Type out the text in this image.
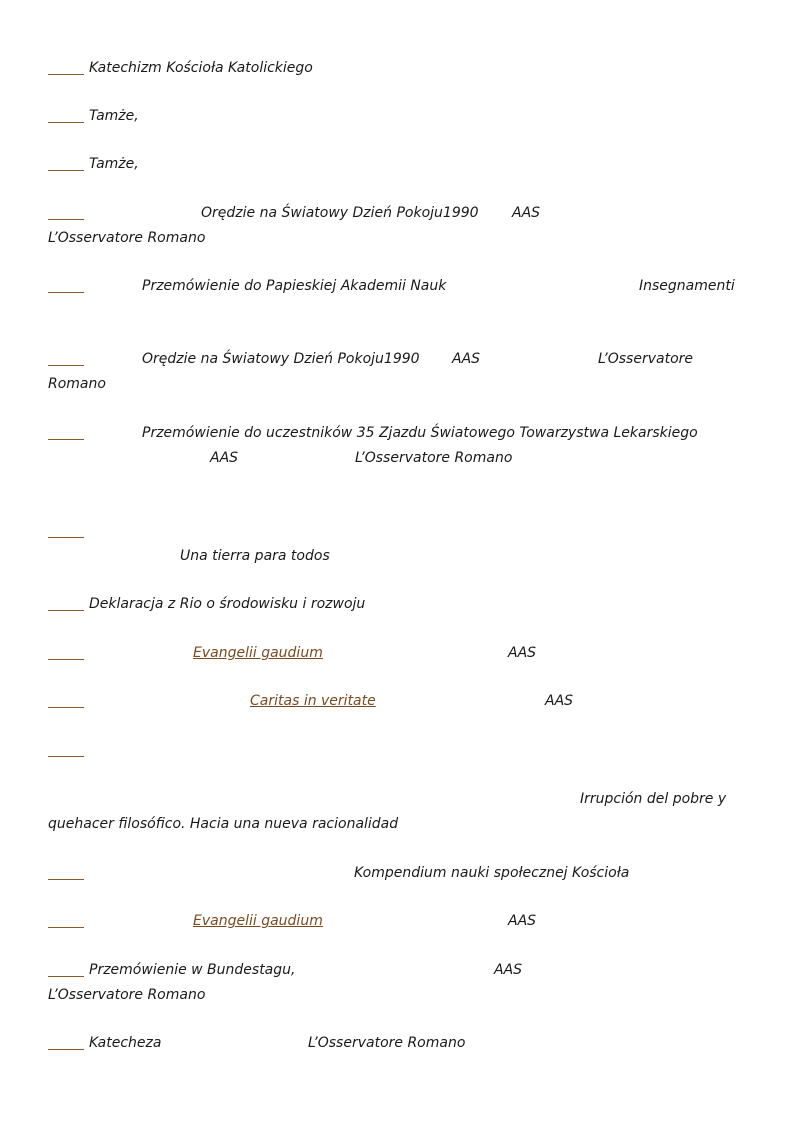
Katechizm Kościoła Katolickiego
Tamże,
Tamże,
Orędzie na Światowy Dzień Pokoju1990 AAS
L’Osservatore Romano
Przemówienie do Papieskiej Akademii Nauk	Insegnamenti
Orędzie na Światowy Dzień Pokoju1990 AAS	L’Osservatore
Romano
Przemówienie do uczestników 35 Zjazdu Światowego Towarzystwa Lekarskiego
AAS	L’Osservatore Romano
Una tierra para todos
Deklaracja z Rio o środowisku i rozwoju
Evangelii gaudium	AAS
Caritas in veritate	AAS
Irrupción del pobre y
quehacer filosófico. Hacia una nueva racionalidad
Kompendium nauki społecznej Kościoła
Evangelii gaudium	AAS
Przemówienie w Bundestagu,	AAS
L’Osservatore Romano
Katecheza	L’Osservatore Romano
